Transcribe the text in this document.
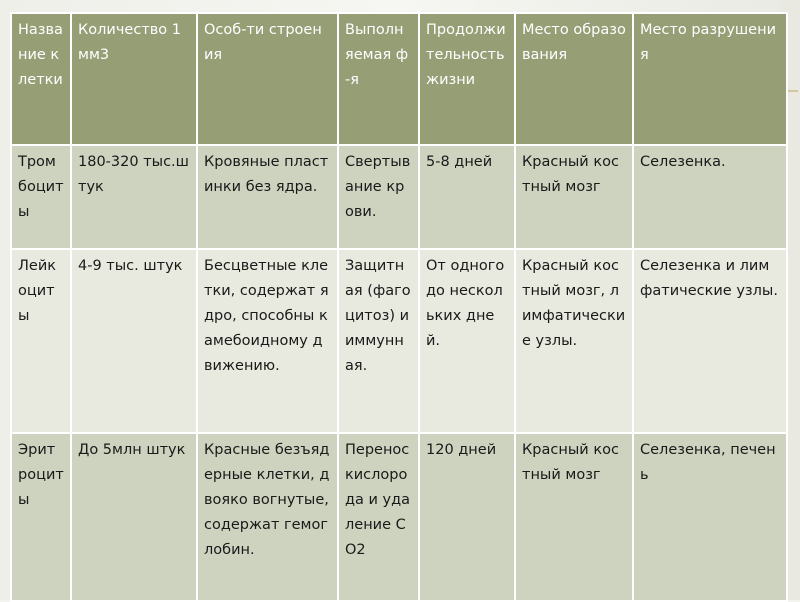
Название клетки	Количество 1 мм3	Особ-ти строения	Выполняемая ф-я	Продолжительность жизни	Место образования	Место разрушения
Тромбоциты	180-320 тыс.штук	Кровяные пластинки без ядра.	Свертывание крови.	5-8 дней	Красный костный мозг	Селезенка.
Лейкоциты	4-9 тыс. штук	Бесцветные клетки, содержат ядро, способны к амебоидному движению.	Защитная (фагоцитоз) и иммунная.	От одного до нескольких дней.	Красный костный мозг, лимфатические узлы.	Селезенка и лимфатические узлы.
Эритроциты	До 5млн штук	Красные безъядерные клетки, двояко вогнутые, содержат гемоглобин.	Перенос кислорода и удаление СО2	120 дней	Красный костный мозг	Селезенка, печень
